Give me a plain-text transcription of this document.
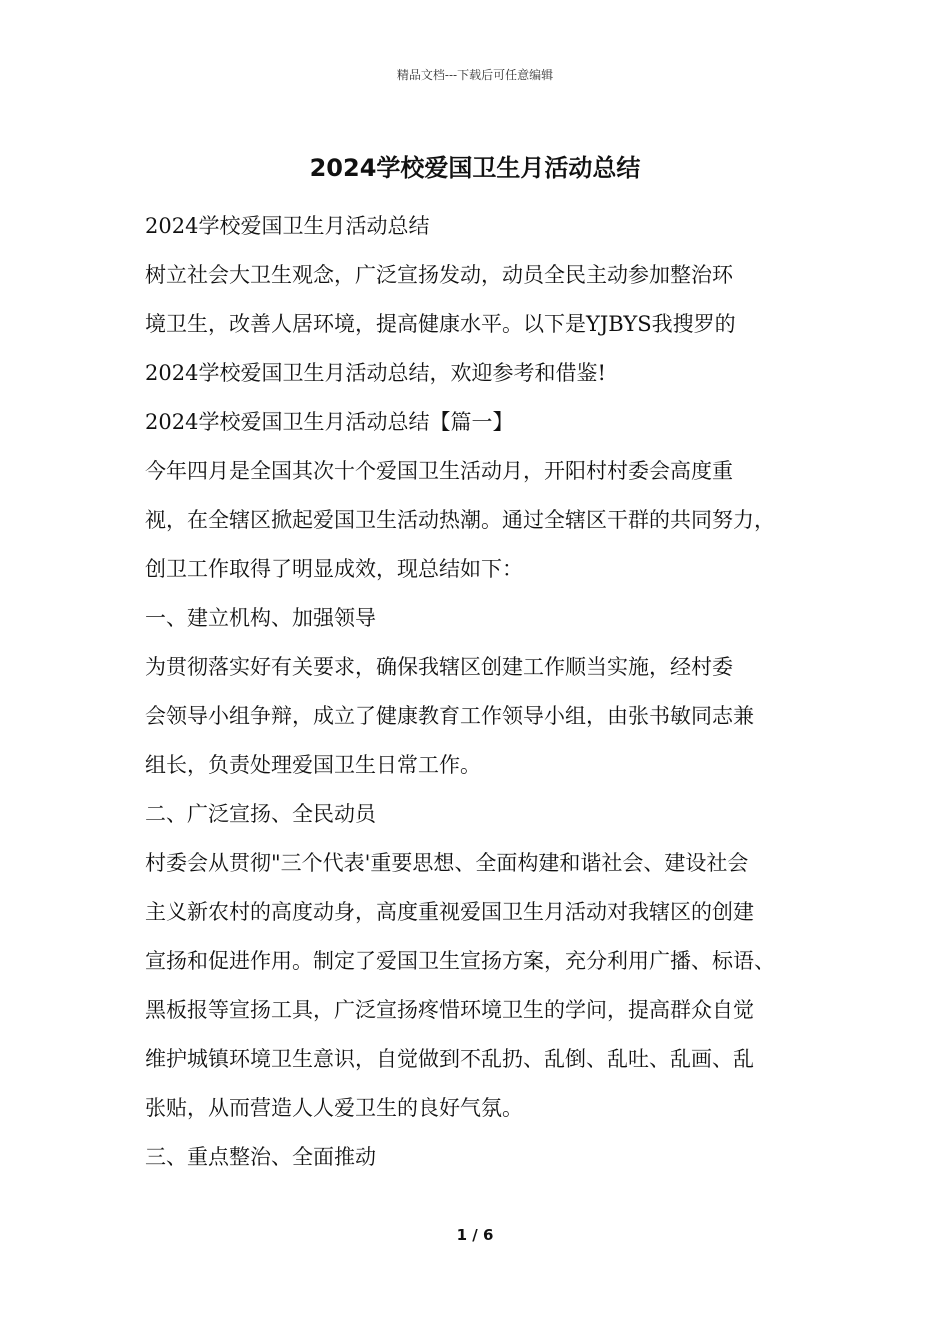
精品文档---下载后可任意编辑
2024学校爱国卫生月活动总结
2024学校爱国卫生月活动总结
树立社会大卫生观念，广泛宣扬发动，动员全民主动参加整治环
境卫生，改善人居环境，提高健康水平。以下是YJBYS我搜罗的
2024学校爱国卫生月活动总结，欢迎参考和借鉴!
2024学校爱国卫生月活动总结【篇一】
今年四月是全国其次十个爱国卫生活动月，开阳村村委会高度重
视，在全辖区掀起爱国卫生活动热潮。通过全辖区干群的共同努力，
创卫工作取得了明显成效，现总结如下：
一、建立机构、加强领导
为贯彻落实好有关要求，确保我辖区创建工作顺当实施，经村委
会领导小组争辩，成立了健康教育工作领导小组，由张书敏同志兼
组长，负责处理爱国卫生日常工作。
二、广泛宣扬、全民动员
村委会从贯彻"三个代表'重要思想、全面构建和谐社会、建设社会
主义新农村的高度动身，高度重视爱国卫生月活动对我辖区的创建
宣扬和促进作用。制定了爱国卫生宣扬方案，充分利用广播、标语、
黑板报等宣扬工具，广泛宣扬疼惜环境卫生的学问，提高群众自觉
维护城镇环境卫生意识，自觉做到不乱扔、乱倒、乱吐、乱画、乱
张贴，从而营造人人爱卫生的良好气氛。
三、重点整治、全面推动
1 / 6
